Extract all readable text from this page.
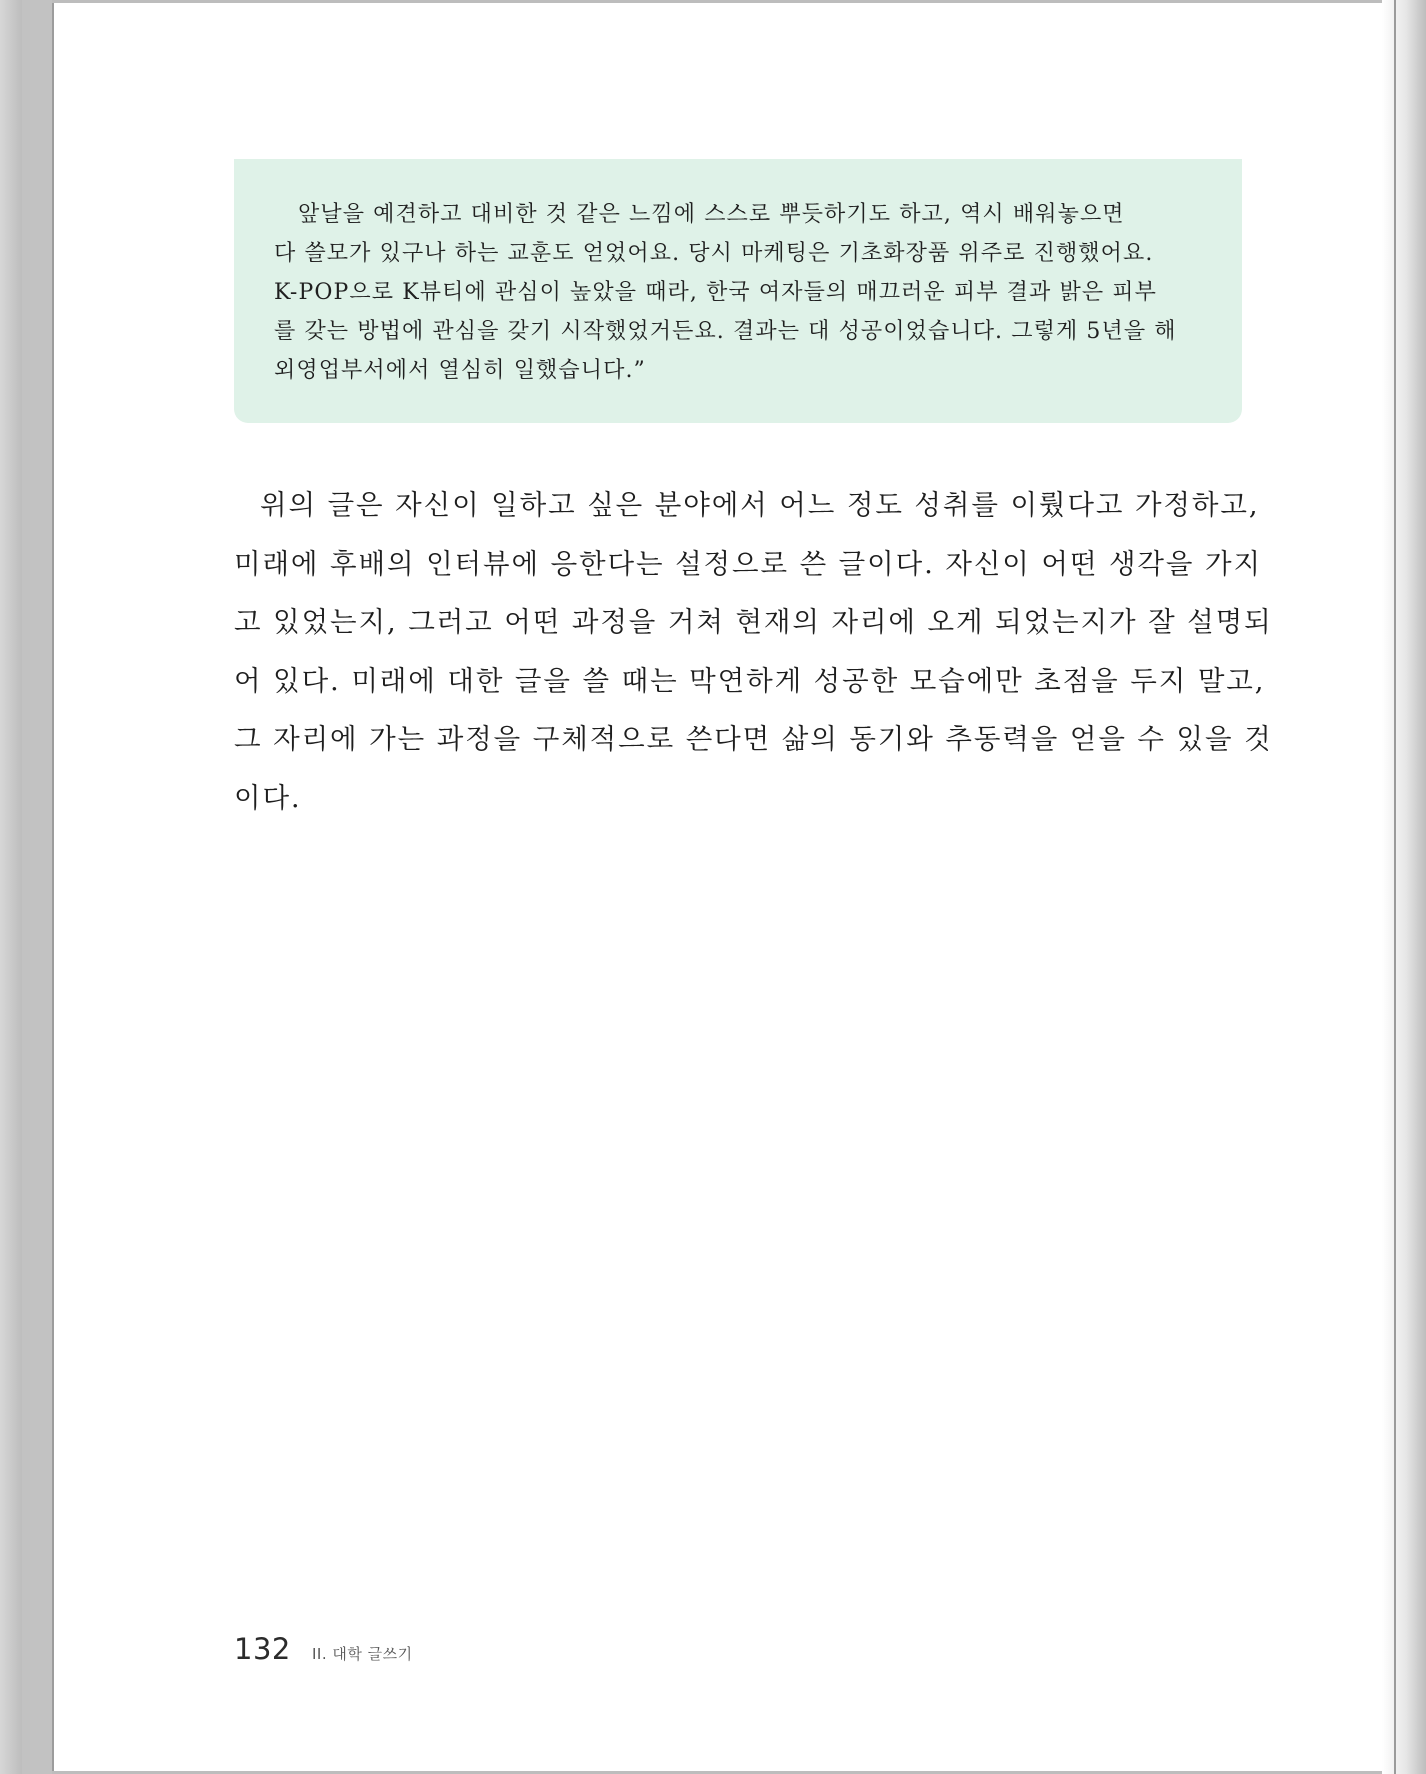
앞날을 예견하고 대비한 것 같은 느낌에 스스로 뿌듯하기도 하고, 역시 배워놓으면
다 쓸모가 있구나 하는 교훈도 얻었어요. 당시 마케팅은 기초화장품 위주로 진행했어요.
K-POP으로 K뷰티에 관심이 높았을 때라, 한국 여자들의 매끄러운 피부 결과 밝은 피부
를 갖는 방법에 관심을 갖기 시작했었거든요. 결과는 대 성공이었습니다. 그렇게 5년을 해
외영업부서에서 열심히 일했습니다.”
위의 글은 자신이 일하고 싶은 분야에서 어느 정도 성취를 이뤘다고 가정하고,
미래에 후배의 인터뷰에 응한다는 설정으로 쓴 글이다. 자신이 어떤 생각을 가지
고 있었는지, 그러고 어떤 과정을 거쳐 현재의 자리에 오게 되었는지가 잘 설명되
어 있다. 미래에 대한 글을 쓸 때는 막연하게 성공한 모습에만 초점을 두지 말고,
그 자리에 가는 과정을 구체적으로 쓴다면 삶의 동기와 추동력을 얻을 수 있을 것
이다.
132 II. 대학 글쓰기
